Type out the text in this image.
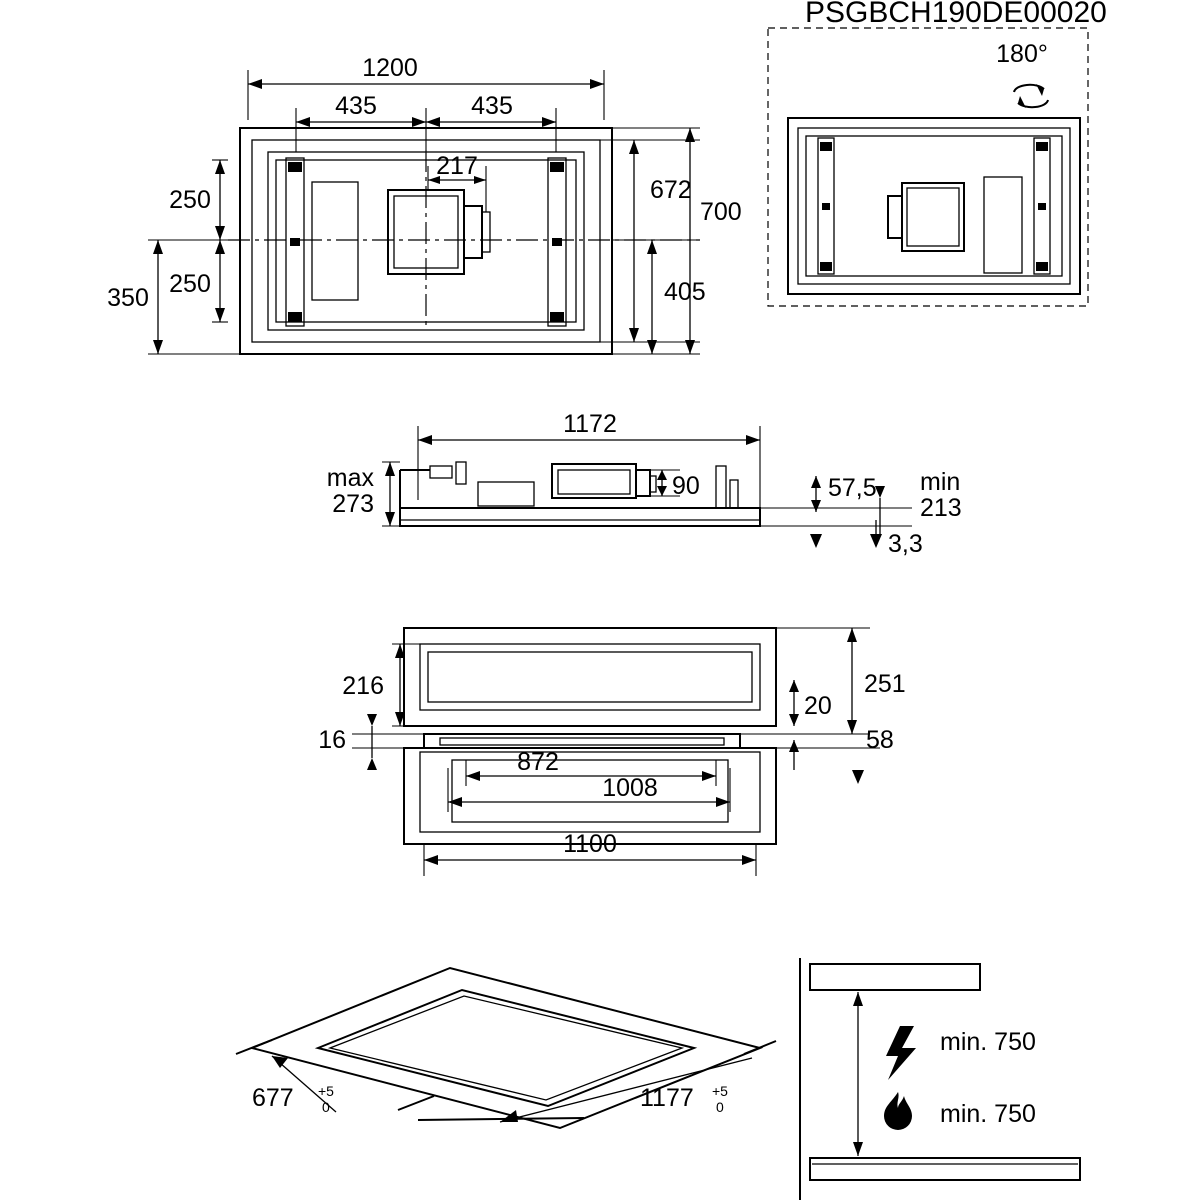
PSGBCH190DE00020
1200
435	435
217
250
250
350
672
700
405
180°
1172
max
273
90	57,5 min
213
3,3
216
16
251
20
58
872
1008
1100
677 +5
0	1177 +5
0
min. 750
min. 750
